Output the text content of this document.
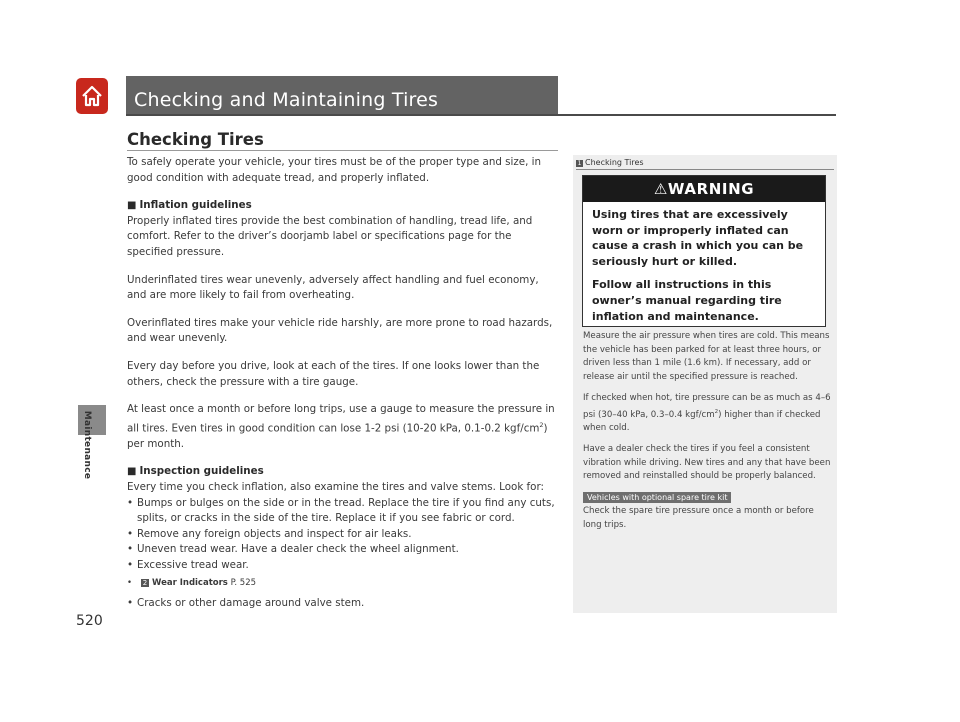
Checking and Maintaining Tires
Maintenance
520
Checking Tires

To safely operate your vehicle, your tires must be of the proper type and size, in good condition with adequate tread, and properly inflated.

■ Inflation guidelines

Properly inflated tires provide the best combination of handling, tread life, and comfort. Refer to the driver’s doorjamb label or specifications page for the specified pressure.

Underinflated tires wear unevenly, adversely affect handling and fuel economy, and are more likely to fail from overheating.

Overinflated tires make your vehicle ride harshly, are more prone to road hazards, and wear unevenly.

Every day before you drive, look at each of the tires. If one looks lower than the others, check the pressure with a tire gauge.

At least once a month or before long trips, use a gauge to measure the pressure in all tires. Even tires in good condition can lose 1-2 psi (10-20 kPa, 0.1-0.2 kgf/$cm^2$) per month.

■ Inspection guidelines

Every time you check inflation, also examine the tires and valve stems. Look for:

• Bumps or bulges on the side or in the tread. Replace the tire if you find any cuts, splits, or cracks in the side of the tire. Replace it if you see fabric or cord.
• Remove any foreign objects and inspect for air leaks.
• Uneven tread wear. Have a dealer check the wheel alignment.
• Excessive tread wear.
• 2 Wear Indicators P. 525
• Cracks or other damage around valve stem.
1 Checking Tires
⚠WARNING

Using tires that are excessively worn or improperly inflated can cause a crash in which you can be seriously hurt or killed.

Follow all instructions in this owner’s manual regarding tire inflation and maintenance.

Measure the air pressure when tires are cold. This means the vehicle has been parked for at least three hours, or driven less than 1 mile (1.6 km). If necessary, add or release air until the specified pressure is reached.

If checked when hot, tire pressure can be as much as 4–6 psi (30–40 kPa, 0.3–0.4 kgf/$cm^2$) higher than if checked when cold.

Have a dealer check the tires if you feel a consistent vibration while driving. New tires and any that have been removed and reinstalled should be properly balanced.

Vehicles with optional spare tire kit

Check the spare tire pressure once a month or before long trips.
